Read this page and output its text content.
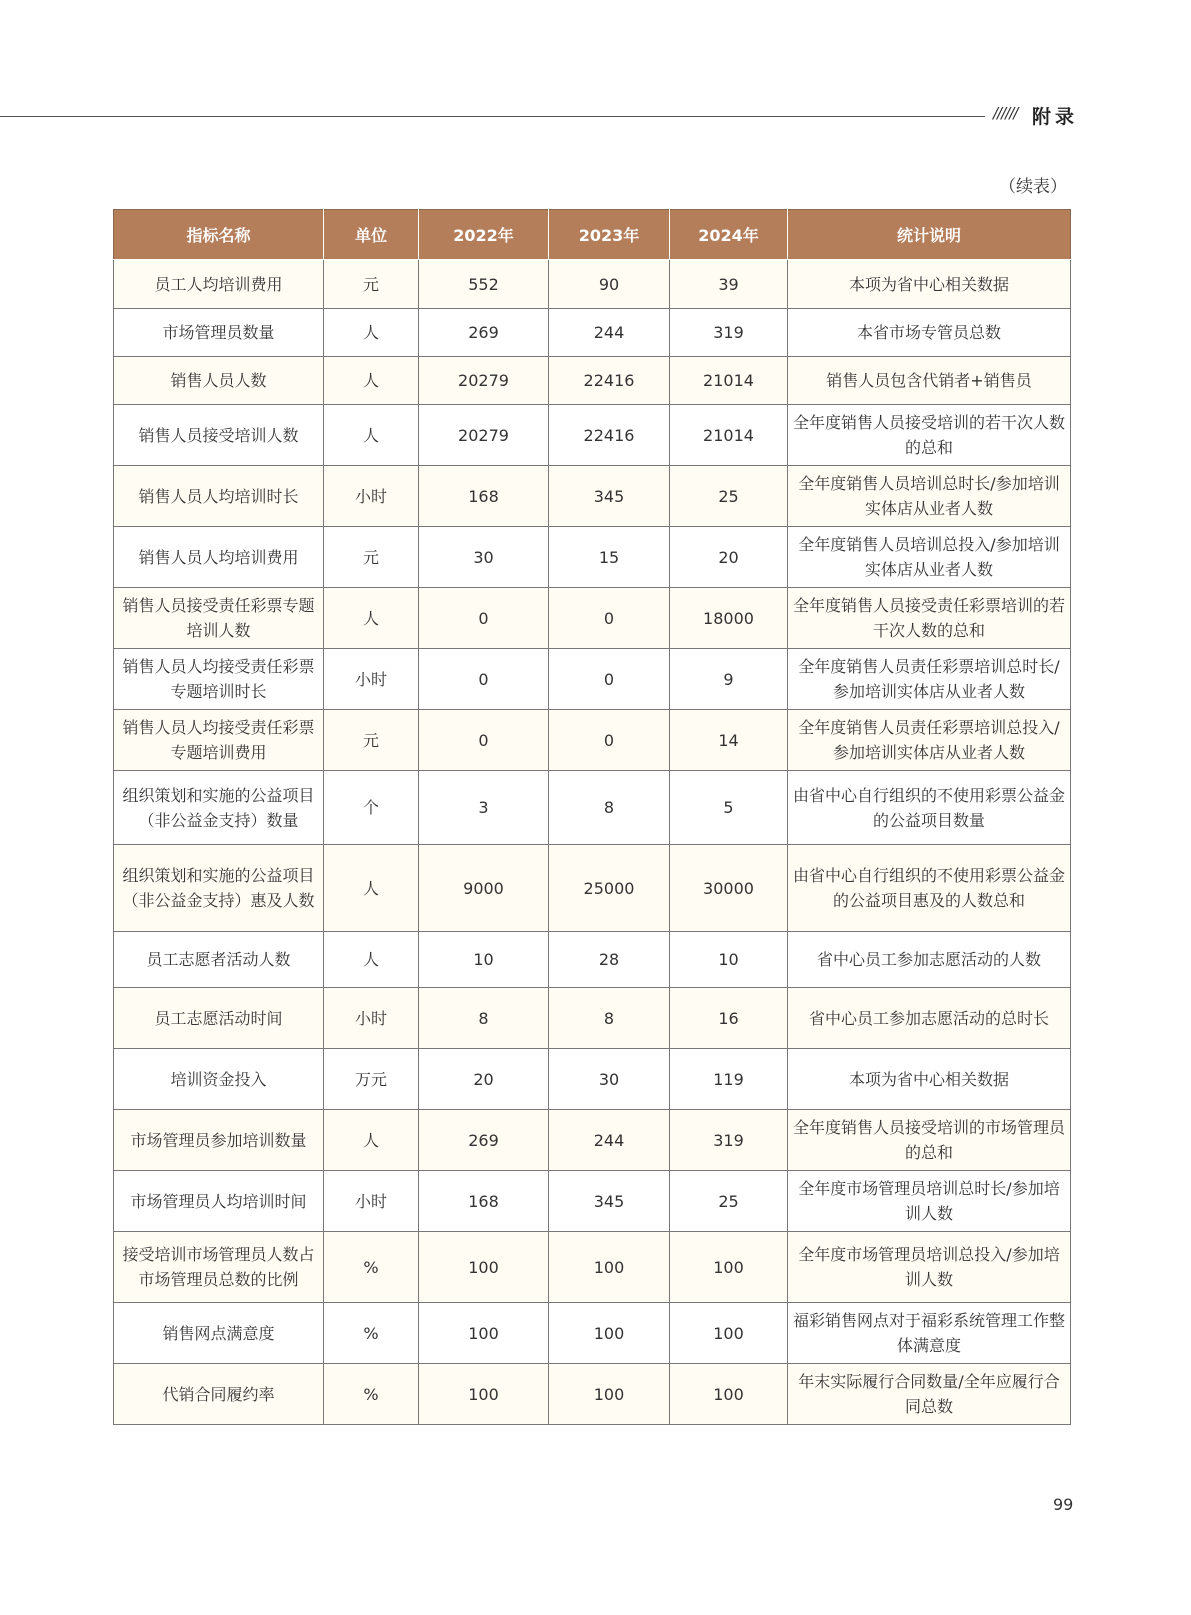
////// 附录
（续表）
指标名称	单位	2022年	2023年	2024年	统计说明
员工人均培训费用	元	552	90	39	本项为省中心相关数据
市场管理员数量	人	269	244	319	本省市场专管员总数
销售人员人数	人	20279	22416	21014	销售人员包含代销者+销售员
销售人员接受培训人数	人	20279	22416	21014	全年度销售人员接受培训的若干次人数的总和
销售人员人均培训时长	小时	168	345	25	全年度销售人员培训总时长/参加培训实体店从业者人数
销售人员人均培训费用	元	30	15	20	全年度销售人员培训总投入/参加培训实体店从业者人数
销售人员接受责任彩票专题培训人数	人	0	0	18000	全年度销售人员接受责任彩票培训的若干次人数的总和
销售人员人均接受责任彩票专题培训时长	小时	0	0	9	全年度销售人员责任彩票培训总时长/参加培训实体店从业者人数
销售人员人均接受责任彩票专题培训费用	元	0	0	14	全年度销售人员责任彩票培训总投入/参加培训实体店从业者人数
组织策划和实施的公益项目（非公益金支持）数量	个	3	8	5	由省中心自行组织的不使用彩票公益金的公益项目数量
组织策划和实施的公益项目（非公益金支持）惠及人数	人	9000	25000	30000	由省中心自行组织的不使用彩票公益金的公益项目惠及的人数总和
员工志愿者活动人数	人	10	28	10	省中心员工参加志愿活动的人数
员工志愿活动时间	小时	8	8	16	省中心员工参加志愿活动的总时长
培训资金投入	万元	20	30	119	本项为省中心相关数据
市场管理员参加培训数量	人	269	244	319	全年度销售人员接受培训的市场管理员的总和
市场管理员人均培训时间	小时	168	345	25	全年度市场管理员培训总时长/参加培训人数
接受培训市场管理员人数占市场管理员总数的比例	%	100	100	100	全年度市场管理员培训总投入/参加培训人数
销售网点满意度	%	100	100	100	福彩销售网点对于福彩系统管理工作整体满意度
代销合同履约率	%	100	100	100	年末实际履行合同数量/全年应履行合同总数
99
